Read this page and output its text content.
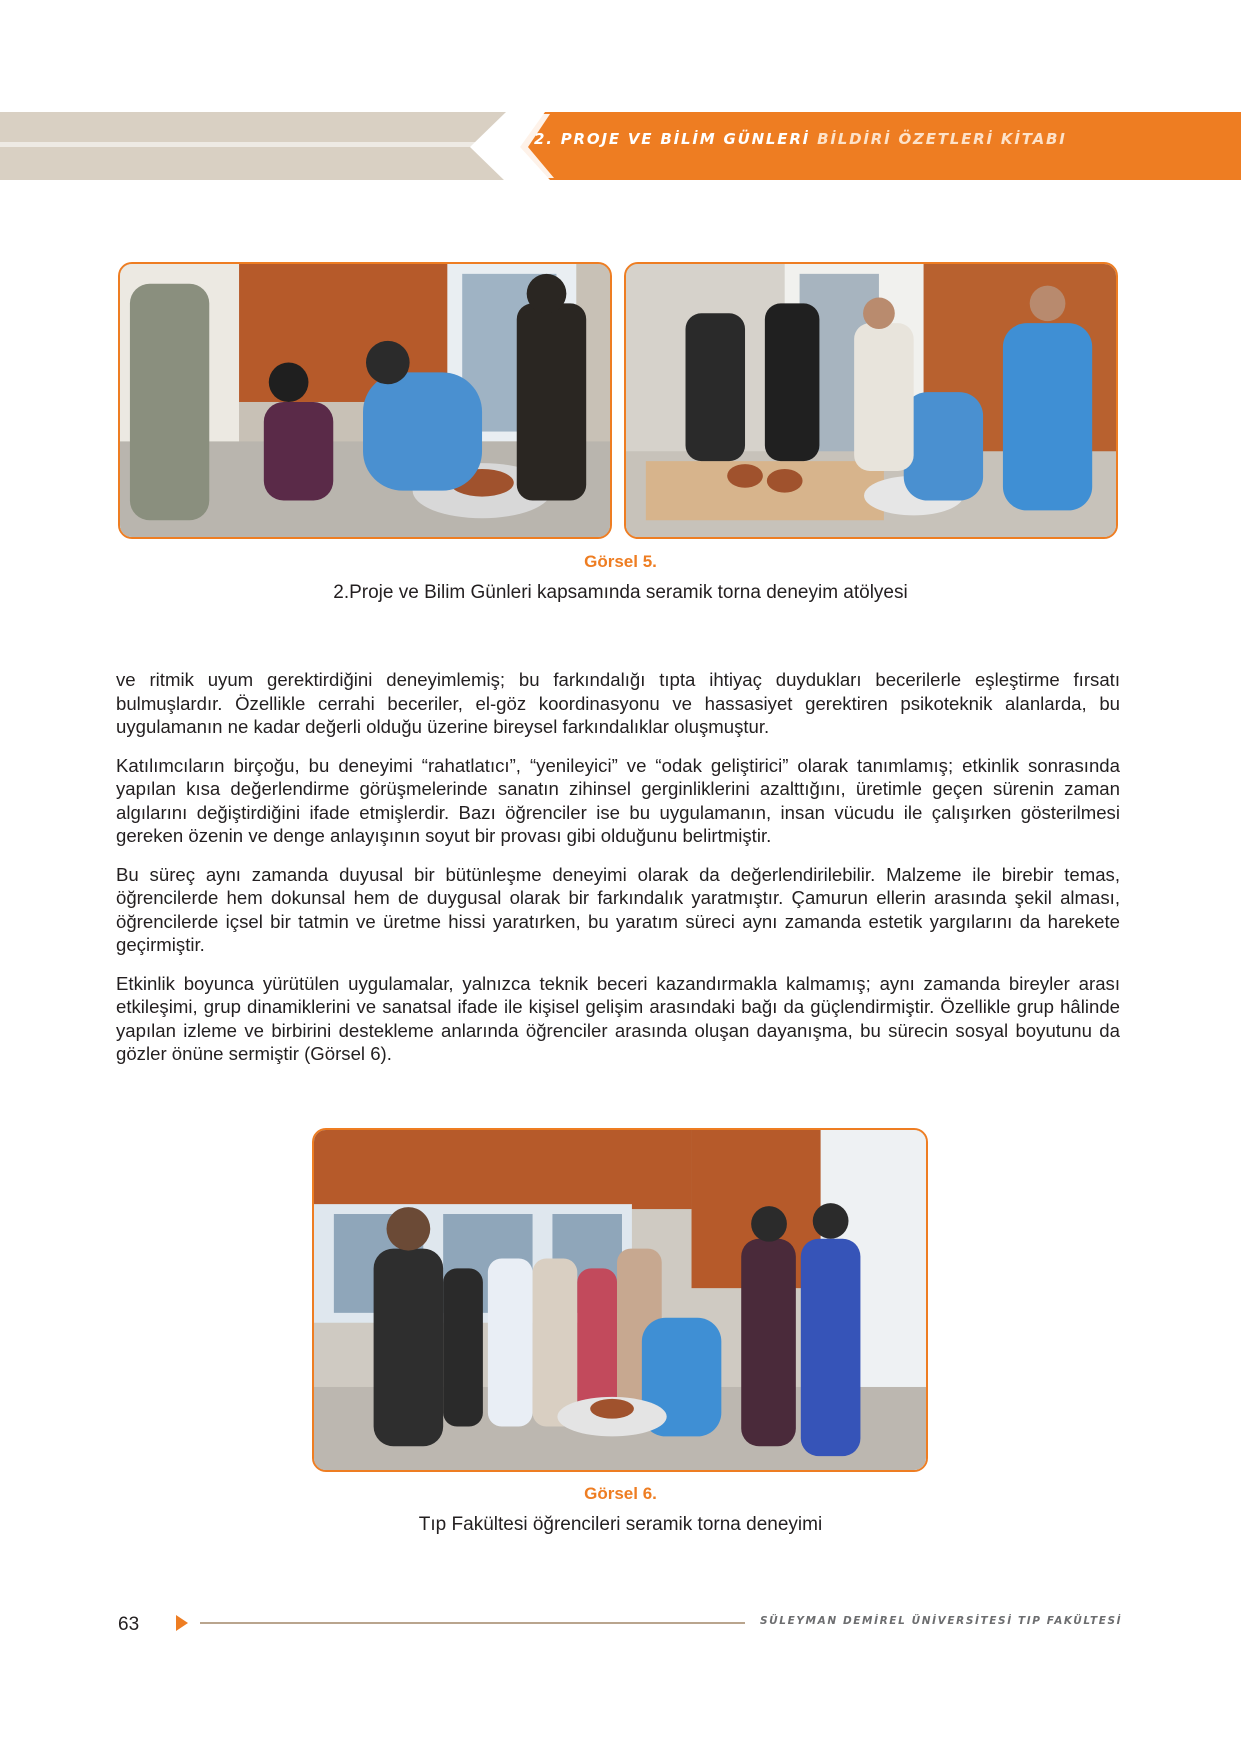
2. PROJE VE BİLİM GÜNLERİ BİLDİRİ ÖZETLERİ KİTABI
Görsel 5.
2.Proje ve Bilim Günleri kapsamında seramik torna deneyim atölyesi

ve ritmik uyum gerektirdiğini deneyimlemiş; bu farkındalığı tıpta ihtiyaç duydukları becerilerle eşleştirme fırsatı bulmuşlardır. Özellikle cerrahi beceriler, el-göz koordinasyonu ve hassasiyet gerektiren psikoteknik alanlarda, bu uygulamanın ne kadar değerli olduğu üzerine bireysel farkındalıklar oluşmuştur.

Katılımcıların birçoğu, bu deneyimi “rahatlatıcı”, “yenileyici” ve “odak geliştirici” olarak tanımlamış; etkinlik sonrasında yapılan kısa değerlendirme görüşmelerinde sanatın zihinsel gerginliklerini azalttığını, üretimle geçen sürenin zaman algılarını değiştirdiğini ifade etmişlerdir. Bazı öğrenciler ise bu uygulamanın, insan vücudu ile çalışırken gösterilmesi gereken özenin ve denge anlayışının soyut bir provası gibi olduğunu belirtmiştir.

Bu süreç aynı zamanda duyusal bir bütünleşme deneyimi olarak da değerlendirilebilir. Malzeme ile birebir temas, öğrencilerde hem dokunsal hem de duygusal olarak bir farkındalık yaratmıştır. Çamurun ellerin arasında şekil alması, öğrencilerde içsel bir tatmin ve üretme hissi yaratırken, bu yaratım süreci aynı zamanda estetik yargılarını da harekete geçirmiştir.

Etkinlik boyunca yürütülen uygulamalar, yalnızca teknik beceri kazandırmakla kalmamış; aynı zamanda bireyler arası etkileşimi, grup dinamiklerini ve sanatsal ifade ile kişisel gelişim arasındaki bağı da güçlendirmiştir. Özellikle grup hâlinde yapılan izleme ve birbirini destekleme anlarında öğrenciler arasında oluşan dayanışma, bu sürecin sosyal boyutunu da gözler önüne sermiştir (Görsel 6).

Görsel 6.
Tıp Fakültesi öğrencileri seramik torna deneyimi
63	SÜLEYMAN DEMİREL ÜNİVERSİTESİ TIP FAKÜLTESİ
